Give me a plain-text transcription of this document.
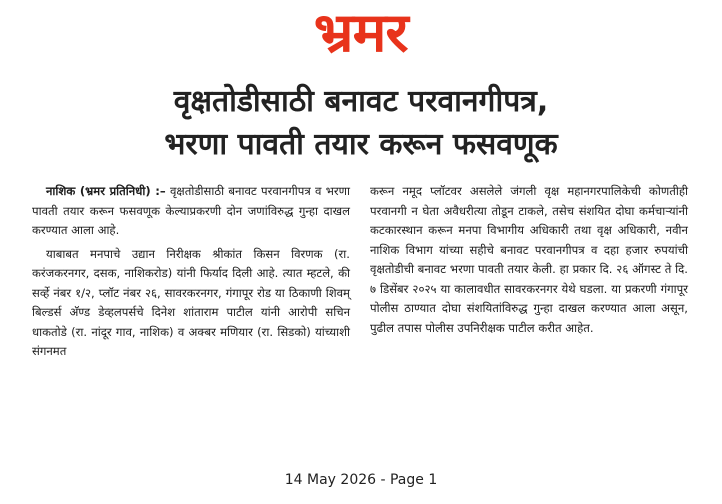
भ्रमर
वृक्षतोडीसाठी बनावट परवानगीपत्र,
भरणा पावती तयार करून फसवणूक

नाशिक (भ्रमर प्रतिनिधी) :– वृक्षतोडीसाठी बनावट परवानगीपत्र व भरणा पावती तयार करून फसवणूक केल्याप्रकरणी दोन जणांविरुद्ध गुन्हा दाखल करण्यात आला आहे.

याबाबत मनपाचे उद्यान निरीक्षक श्रीकांत किसन विरणक (रा. करंजकरनगर, दसक, नाशिकरोड) यांनी फिर्याद दिली आहे. त्यात म्हटले, की सर्व्हे नंबर १/२, प्लॉट नंबर २६, सावरकरनगर, गंगापूर रोड या ठिकाणी शिवम् बिल्डर्स अ‍ॅण्ड डेव्हलपर्सचे दिनेश शांताराम पाटील यांनी आरोपी सचिन धाकतोडे (रा. नांदूर गाव, नाशिक) व अक्बर मणियार (रा. सिडको) यांच्याशी संगनमत

करून नमूद प्लॉटवर असलेले जंगली वृक्ष महानगरपालिकेची कोणतीही परवानगी न घेता अवैधरीत्या तोडून टाकले, तसेच संशयित दोघा कर्मचाऱ्यांनी कटकारस्थान करून मनपा विभागीय अधिकारी तथा वृक्ष अधिकारी, नवीन नाशिक विभाग यांच्या सहीचे बनावट परवानगीपत्र व दहा हजार रुपयांची वृक्षतोडीची बनावट भरणा पावती तयार केली. हा प्रकार दि. २६ ऑगस्ट ते दि. ७ डिसेंबर २०२५ या कालावधीत सावरकरनगर येथे घडला. या प्रकरणी गंगापूर पोलीस ठाण्यात दोघा संशयितांविरुद्ध गुन्हा दाखल करण्यात आला असून, पुढील तपास पोलीस उपनिरीक्षक पाटील करीत आहेत.

14 May 2026 - Page 1
